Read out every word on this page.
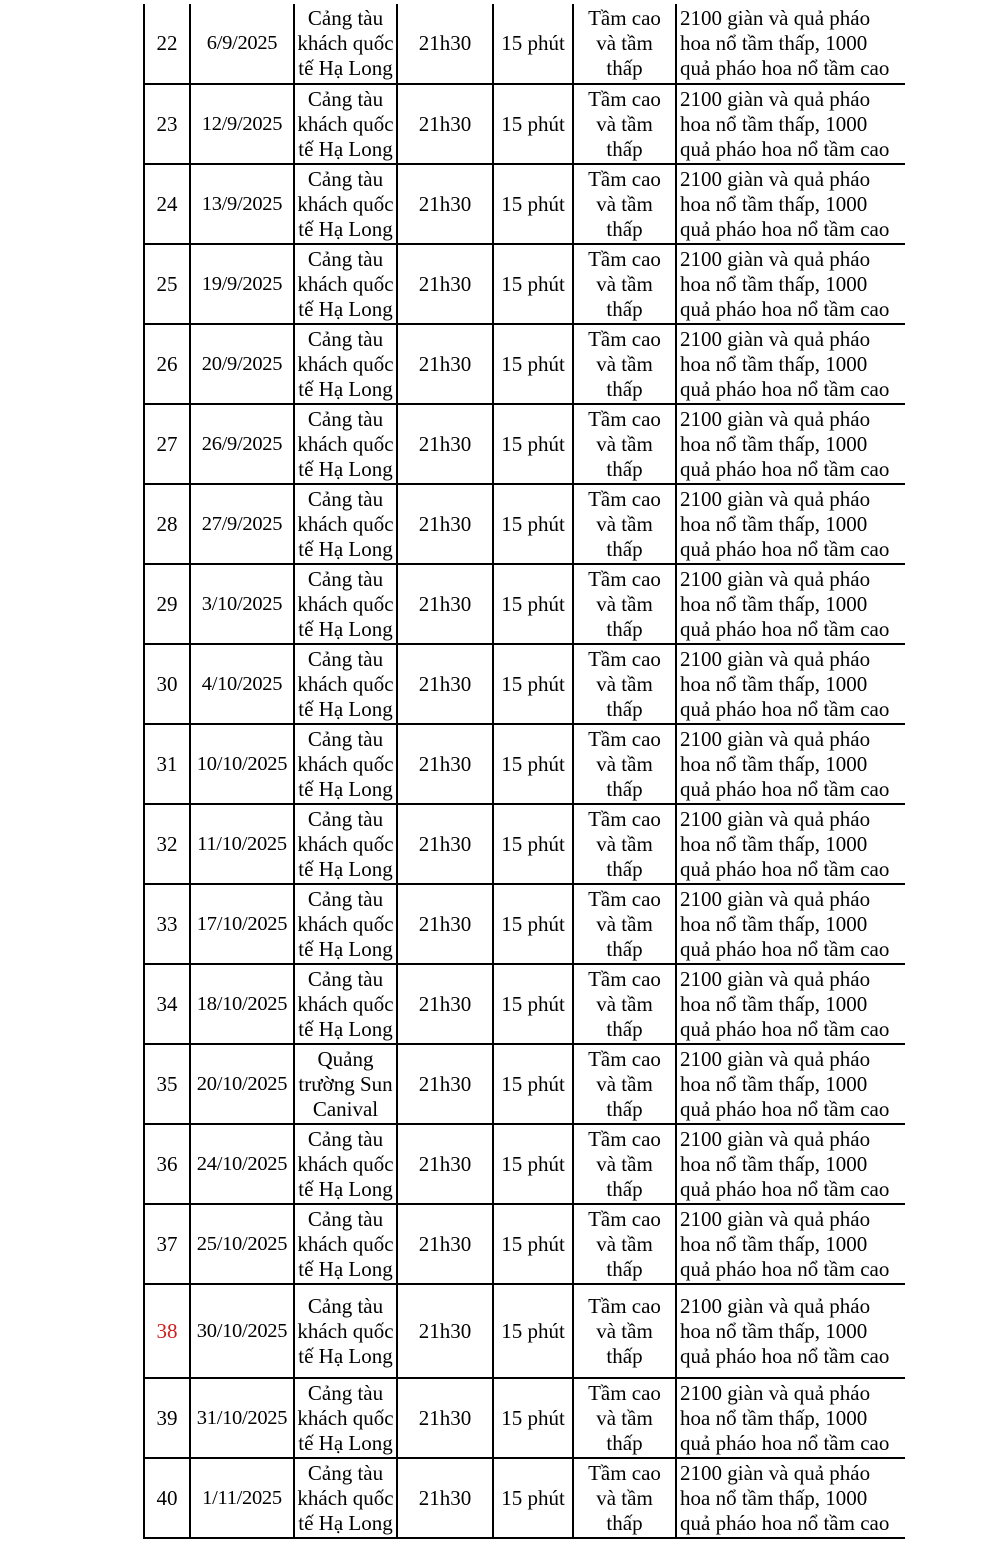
22	6/9/2025	Cảng tàu
khách quốc
tế Hạ Long	21h30	15 phút	Tầm cao
và tầm
thấp	2100 giàn và quả pháo
hoa nổ tầm thấp, 1000
quả pháo hoa nổ tầm cao

23	12/9/2025	Cảng tàu
khách quốc
tế Hạ Long	21h30	15 phút	Tầm cao
và tầm
thấp	2100 giàn và quả pháo
hoa nổ tầm thấp, 1000
quả pháo hoa nổ tầm cao

24	13/9/2025	Cảng tàu
khách quốc
tế Hạ Long	21h30	15 phút	Tầm cao
và tầm
thấp	2100 giàn và quả pháo
hoa nổ tầm thấp, 1000
quả pháo hoa nổ tầm cao

25	19/9/2025	Cảng tàu
khách quốc
tế Hạ Long	21h30	15 phút	Tầm cao
và tầm
thấp	2100 giàn và quả pháo
hoa nổ tầm thấp, 1000
quả pháo hoa nổ tầm cao

26	20/9/2025	Cảng tàu
khách quốc
tế Hạ Long	21h30	15 phút	Tầm cao
và tầm
thấp	2100 giàn và quả pháo
hoa nổ tầm thấp, 1000
quả pháo hoa nổ tầm cao

27	26/9/2025	Cảng tàu
khách quốc
tế Hạ Long	21h30	15 phút	Tầm cao
và tầm
thấp	2100 giàn và quả pháo
hoa nổ tầm thấp, 1000
quả pháo hoa nổ tầm cao

28	27/9/2025	Cảng tàu
khách quốc
tế Hạ Long	21h30	15 phút	Tầm cao
và tầm
thấp	2100 giàn và quả pháo
hoa nổ tầm thấp, 1000
quả pháo hoa nổ tầm cao

29	3/10/2025	Cảng tàu
khách quốc
tế Hạ Long	21h30	15 phút	Tầm cao
và tầm
thấp	2100 giàn và quả pháo
hoa nổ tầm thấp, 1000
quả pháo hoa nổ tầm cao

30	4/10/2025	Cảng tàu
khách quốc
tế Hạ Long	21h30	15 phút	Tầm cao
và tầm
thấp	2100 giàn và quả pháo
hoa nổ tầm thấp, 1000
quả pháo hoa nổ tầm cao

31	10/10/2025	Cảng tàu
khách quốc
tế Hạ Long	21h30	15 phút	Tầm cao
và tầm
thấp	2100 giàn và quả pháo
hoa nổ tầm thấp, 1000
quả pháo hoa nổ tầm cao

32	11/10/2025	Cảng tàu
khách quốc
tế Hạ Long	21h30	15 phút	Tầm cao
và tầm
thấp	2100 giàn và quả pháo
hoa nổ tầm thấp, 1000
quả pháo hoa nổ tầm cao

33	17/10/2025	Cảng tàu
khách quốc
tế Hạ Long	21h30	15 phút	Tầm cao
và tầm
thấp	2100 giàn và quả pháo
hoa nổ tầm thấp, 1000
quả pháo hoa nổ tầm cao

34	18/10/2025	Cảng tàu
khách quốc
tế Hạ Long	21h30	15 phút	Tầm cao
và tầm
thấp	2100 giàn và quả pháo
hoa nổ tầm thấp, 1000
quả pháo hoa nổ tầm cao

35	20/10/2025	Quảng
trường Sun
Canival	21h30	15 phút	Tầm cao
và tầm
thấp	2100 giàn và quả pháo
hoa nổ tầm thấp, 1000
quả pháo hoa nổ tầm cao

36	24/10/2025	Cảng tàu
khách quốc
tế Hạ Long	21h30	15 phút	Tầm cao
và tầm
thấp	2100 giàn và quả pháo
hoa nổ tầm thấp, 1000
quả pháo hoa nổ tầm cao

37	25/10/2025	Cảng tàu
khách quốc
tế Hạ Long	21h30	15 phút	Tầm cao
và tầm
thấp	2100 giàn và quả pháo
hoa nổ tầm thấp, 1000
quả pháo hoa nổ tầm cao

38	30/10/2025	Cảng tàu
khách quốc
tế Hạ Long	21h30	15 phút	Tầm cao
và tầm
thấp	2100 giàn và quả pháo
hoa nổ tầm thấp, 1000
quả pháo hoa nổ tầm cao

39	31/10/2025	Cảng tàu
khách quốc
tế Hạ Long	21h30	15 phút	Tầm cao
và tầm
thấp	2100 giàn và quả pháo
hoa nổ tầm thấp, 1000
quả pháo hoa nổ tầm cao

40	1/11/2025	Cảng tàu
khách quốc
tế Hạ Long	21h30	15 phút	Tầm cao
và tầm
thấp	2100 giàn và quả pháo
hoa nổ tầm thấp, 1000
quả pháo hoa nổ tầm cao
